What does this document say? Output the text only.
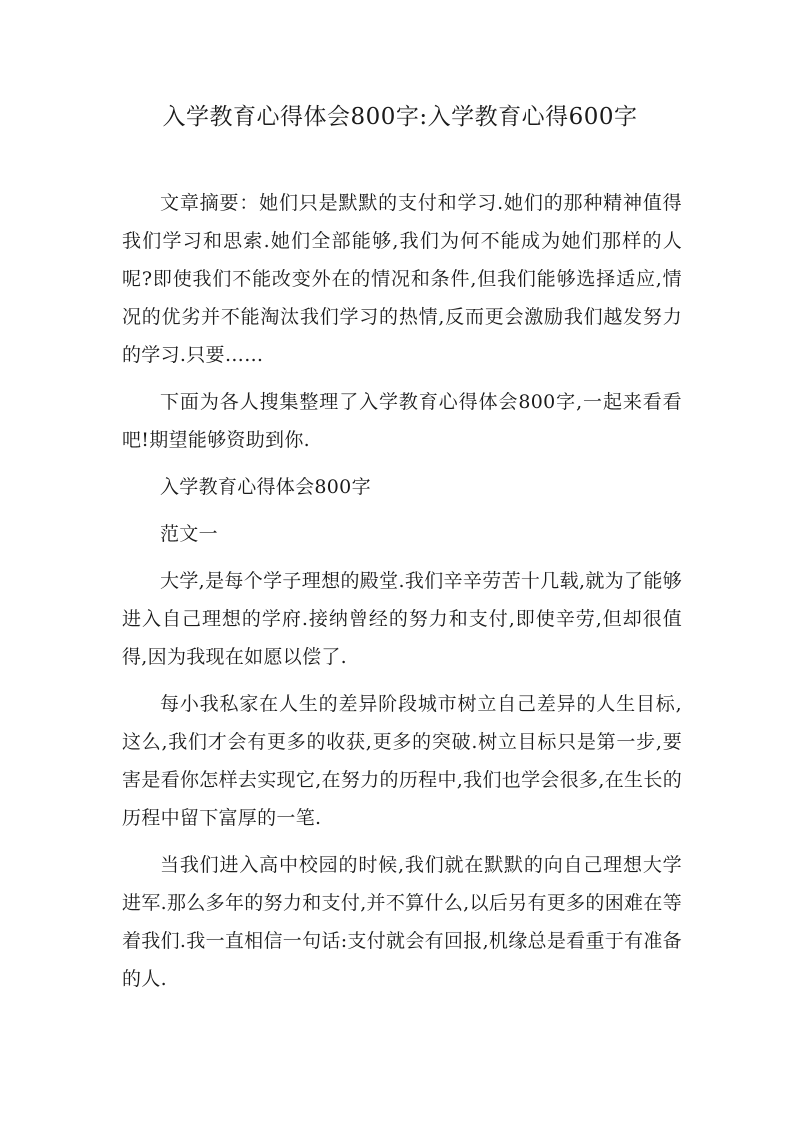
入学教育心得体会800字:入学教育心得600字

文章摘要：她们只是默默的支付和学习.她们的那种精神值得我们学习和思索.她们全部能够,我们为何不能成为她们那样的人呢?即使我们不能改变外在的情况和条件,但我们能够选择适应,情况的优劣并不能淘汰我们学习的热情,反而更会激励我们越发努力的学习.只要……

下面为各人搜集整理了入学教育心得体会800字,一起来看看吧!期望能够资助到你.

入学教育心得体会800字

范文一

大学,是每个学子理想的殿堂.我们辛辛劳苦十几载,就为了能够进入自己理想的学府.接纳曾经的努力和支付,即使辛劳,但却很值得,因为我现在如愿以偿了.

每小我私家在人生的差异阶段城市树立自己差异的人生目标,这么,我们才会有更多的收获,更多的突破.树立目标只是第一步,要害是看你怎样去实现它,在努力的历程中,我们也学会很多,在生长的历程中留下富厚的一笔.

当我们进入高中校园的时候,我们就在默默的向自己理想大学进军.那么多年的努力和支付,并不算什么,以后另有更多的困难在等着我们.我一直相信一句话:支付就会有回报,机缘总是看重于有准备的人.
